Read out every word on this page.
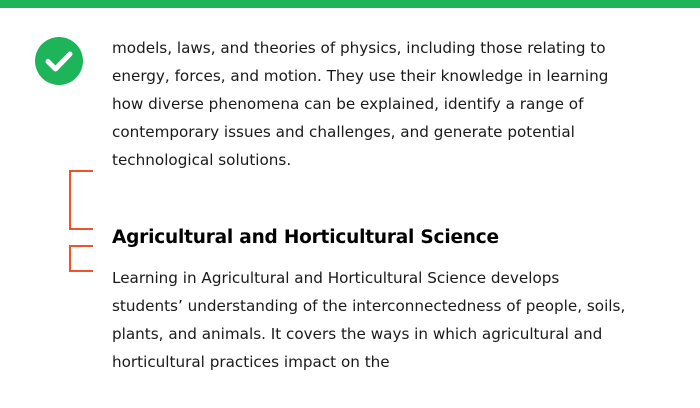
models, laws, and theories of physics, including those relating to energy, forces, and motion. They use their knowledge in learning how diverse phenomena can be explained, identify a range of contemporary issues and challenges, and generate potential technological solutions.

Agricultural and Horticultural Science

Learning in Agricultural and Horticultural Science develops students’ understanding of the interconnectedness of people, soils, plants, and animals. It covers the ways in which agricultural and horticultural practices impact on the
